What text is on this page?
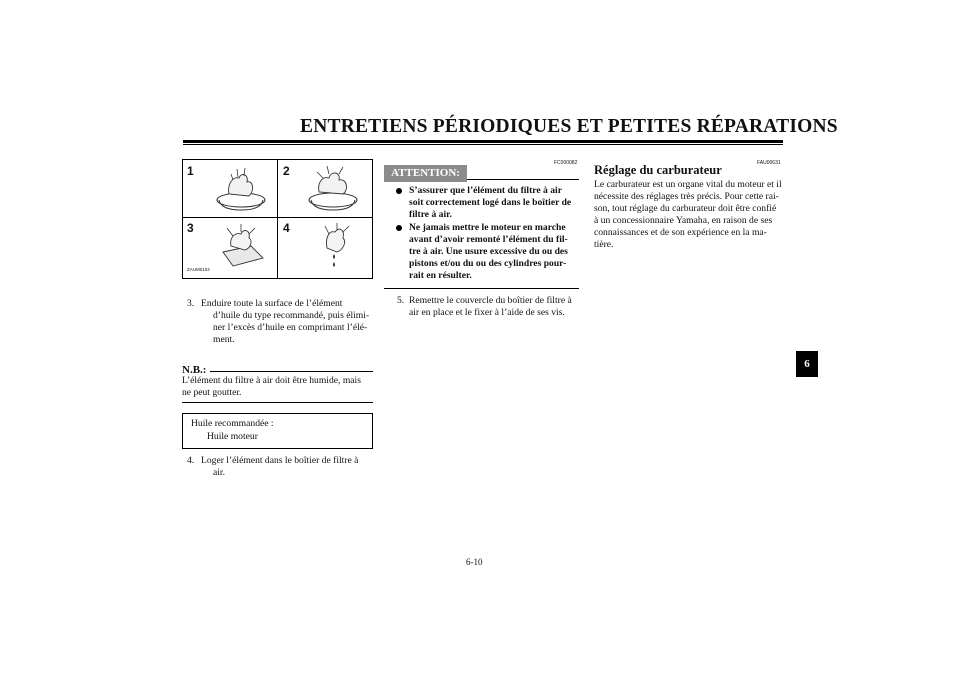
ENTRETIENS PÉRIODIQUES ET PETITES RÉPARATIONS
1	2
3	4
ZAUM0104
3. Enduire toute la surface de l’élément
d’huile du type recommandé, puis élimi-
ner l’excès d’huile en comprimant l’élé-
ment.
N.B.:
L’élément du filtre à air doit être humide, mais
ne peut goutter.
Huile recommandée :
Huile moteur
4. Loger l’élément dans le boîtier de filtre à
air.
FC000082
ATTENTION:
S’assurer que l’élément du filtre à air
soit correctement logé dans le boîtier de
filtre à air.
Ne jamais mettre le moteur en marche
avant d’avoir remonté l’élément du fil-
tre à air. Une usure excessive du ou des
pistons et/ou du ou des cylindres pour-
rait en résulter.
5. Remettre le couvercle du boîtier de filtre à
air en place et le fixer à l’aide de ses vis.
FAU00631
Réglage du carburateur
Le carburateur est un organe vital du moteur et il
nécessite des réglages très précis. Pour cette rai-
son, tout réglage du carburateur doit être confié
à un concessionnaire Yamaha, en raison de ses
connaissances et de son expérience en la ma-
tière.
6
6-10
